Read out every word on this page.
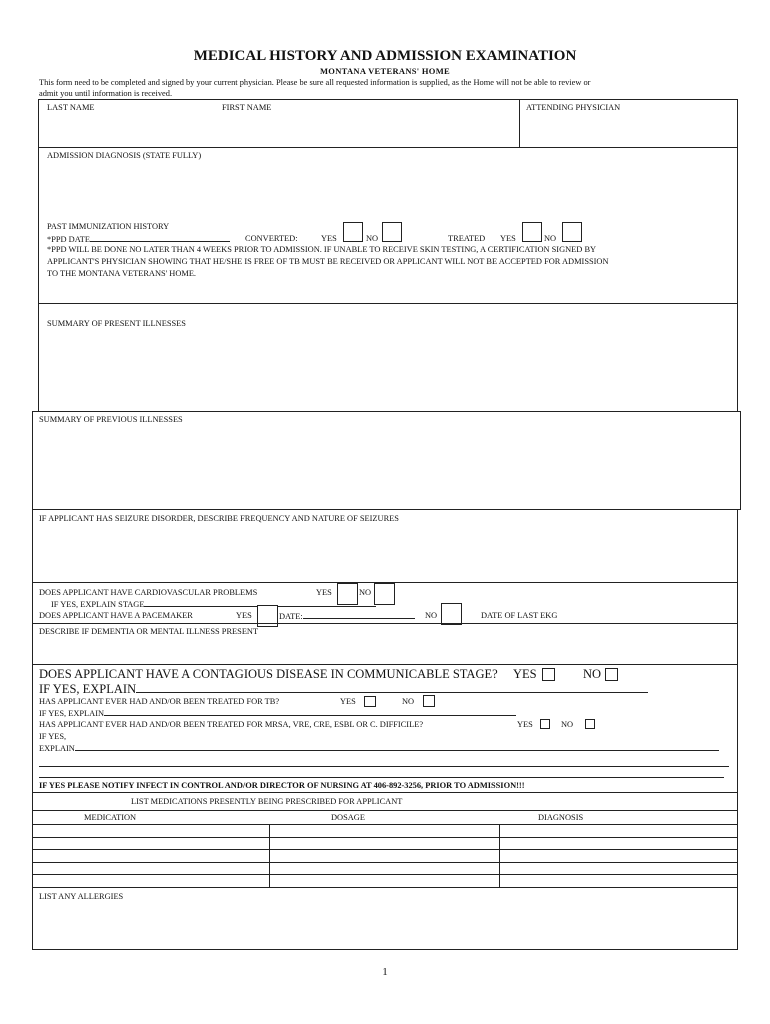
MEDICAL HISTORY AND ADMISSION EXAMINATION
MONTANA VETERANS' HOME
This form need to be completed and signed by your current physician. Please be sure all requested information is supplied, as the Home will not be able to review or
admit you until information is received.
LAST NAME	FIRST NAME	ATTENDING PHYSICIAN
ADMISSION DIAGNOSIS (STATE FULLY)
PAST IMMUNIZATION HISTORY
*PPD DATE	CONVERTED:	YES	NO	TREATED YES	NO
*PPD WILL BE DONE NO LATER THAN 4 WEEKS PRIOR TO ADMISSION. IF UNABLE TO RECEIVE SKIN TESTING, A CERTIFICATION SIGNED BY
APPLICANT'S PHYSICIAN SHOWING THAT HE/SHE IS FREE OF TB MUST BE RECEIVED OR APPLICANT WILL NOT BE ACCEPTED FOR ADMISSION
TO THE MONTANA VETERANS' HOME.
SUMMARY OF PRESENT ILLNESSES
SUMMARY OF PREVIOUS ILLNESSES
IF APPLICANT HAS SEIZURE DISORDER, DESCRIBE FREQUENCY AND NATURE OF SEIZURES
DOES APPLICANT HAVE CARDIOVASCULAR PROBLEMS	YES	NO
IF YES, EXPLAIN STAGE
DOES APPLICANT HAVE A PACEMAKER	YES	DATE:	NO	DATE OF LAST EKG
DESCRIBE IF DEMENTIA OR MENTAL ILLNESS PRESENT
DOES APPLICANT HAVE A CONTAGIOUS DISEASE IN COMMUNICABLE STAGE? YES	NO
IF YES, EXPLAIN
HAS APPLICANT EVER HAD AND/OR BEEN TREATED FOR TB?	YES	NO
IF YES, EXPLAIN
HAS APPLICANT EVER HAD AND/OR BEEN TREATED FOR MRSA, VRE, CRE, ESBL OR C. DIFFICILE?	YES	NO
IF YES,
EXPLAIN
IF YES PLEASE NOTIFY INFECT IN CONTROL AND/OR DIRECTOR OF NURSING AT 406-892-3256, PRIOR TO ADMISSION!!!
LIST MEDICATIONS PRESENTLY BEING PRESCRIBED FOR APPLICANT
MEDICATION	DOSAGE	DIAGNOSIS
LIST ANY ALLERGIES
1
